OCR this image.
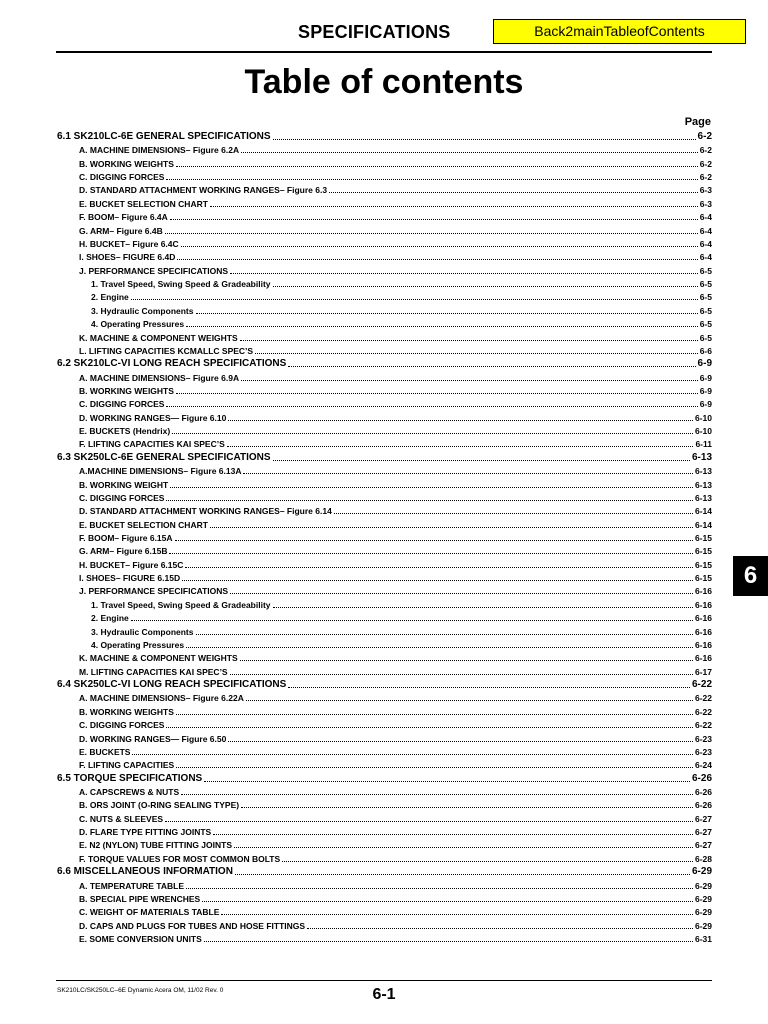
SPECIFICATIONS	Back2mainTableofContents
Table of contents
Page
6.1 SK210LC-6E GENERAL SPECIFICATIONS	6-2
A. MACHINE DIMENSIONS– Figure 6.2A	6-2
B. WORKING WEIGHTS	6-2
C. DIGGING FORCES	6-2
D. STANDARD ATTACHMENT WORKING RANGES– Figure 6.3	6-3
E. BUCKET SELECTION CHART	6-3
F. BOOM– Figure 6.4A	6-4
G. ARM– Figure 6.4B	6-4
H. BUCKET– Figure 6.4C	6-4
I. SHOES– FIGURE 6.4D	6-4
J. PERFORMANCE SPECIFICATIONS	6-5
1. Travel Speed, Swing Speed & Gradeability	6-5
2. Engine	6-5
3. Hydraulic Components	6-5
4. Operating Pressures	6-5
K. MACHINE & COMPONENT WEIGHTS	6-5
L. LIFTING CAPACITIES KCMALLC SPEC’S	6-6
6.2 SK210LC-VI LONG REACH SPECIFICATIONS	6-9
A. MACHINE DIMENSIONS– Figure 6.9A	6-9
B. WORKING WEIGHTS	6-9
C. DIGGING FORCES	6-9
D. WORKING RANGES— Figure 6.10	6-10
E. BUCKETS (Hendrix)	6-10
F. LIFTING CAPACITIES KAI SPEC’S	6-11
6.3 SK250LC-6E GENERAL SPECIFICATIONS	6-13
A.MACHINE DIMENSIONS– Figure 6.13A	6-13
B. WORKING WEIGHT	6-13
C. DIGGING FORCES	6-13
D. STANDARD ATTACHMENT WORKING RANGES– Figure 6.14	6-14
E. BUCKET SELECTION CHART	6-14
F. BOOM– Figure 6.15A	6-15
G. ARM– Figure 6.15B	6-15
H. BUCKET– Figure 6.15C	6-15
I. SHOES– FIGURE 6.15D	6-15
J. PERFORMANCE SPECIFICATIONS	6-16
1. Travel Speed, Swing Speed & Gradeability	6-16
2. Engine	6-16
3. Hydraulic Components	6-16
4. Operating Pressures	6-16
K. MACHINE & COMPONENT WEIGHTS	6-16
M. LIFTING CAPACITIES KAI SPEC’S	6-17
6.4 SK250LC-VI LONG REACH SPECIFICATIONS	6-22
A. MACHINE DIMENSIONS– Figure 6.22A	6-22
B. WORKING WEIGHTS	6-22
C. DIGGING FORCES	6-22
D. WORKING RANGES— Figure 6.50	6-23
E. BUCKETS	6-23
F. LIFTING CAPACITIES	6-24
6.5 TORQUE SPECIFICATIONS	6-26
A. CAPSCREWS & NUTS	6-26
B. ORS JOINT (O-RING SEALING TYPE)	6-26
C. NUTS & SLEEVES	6-27
D. FLARE TYPE FITTING JOINTS	6-27
E. N2 (NYLON) TUBE FITTING JOINTS	6-27
F. TORQUE VALUES FOR MOST COMMON BOLTS	6-28
6.6 MISCELLANEOUS INFORMATION	6-29
A. TEMPERATURE TABLE	6-29
B. SPECIAL PIPE WRENCHES	6-29
C. WEIGHT OF MATERIALS TABLE	6-29
D. CAPS AND PLUGS FOR TUBES AND HOSE FITTINGS	6-29
E. SOME CONVERSION UNITS	6-31
6
SK210LC/SK250LC–6E Dynamic Acera OM, 11/02 Rev. 0	6-1
